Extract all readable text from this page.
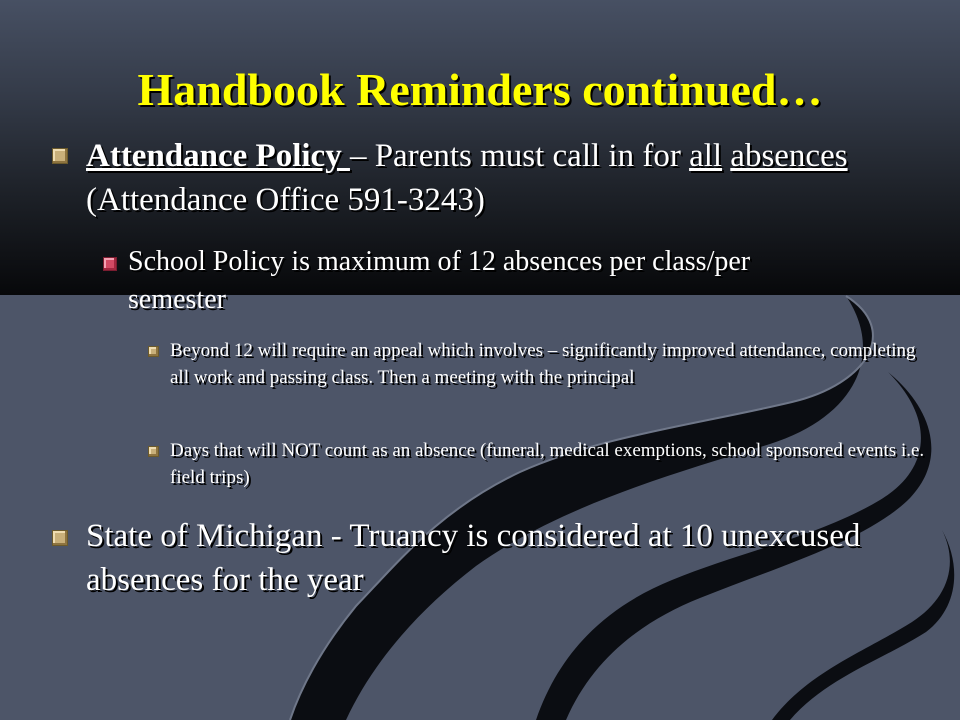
Handbook Reminders continued…
Attendance Policy – Parents must call in for all absences (Attendance Office 591-3243)
School Policy is maximum of 12 absences per class/per semester
Beyond 12 will require an appeal which involves – significantly improved attendance, completing all work and passing class. Then a meeting with the principal
Days that will NOT count as an absence (funeral, medical exemptions, school sponsored events i.e. field trips)
State of Michigan - Truancy is considered at 10 unexcused absences for the year
